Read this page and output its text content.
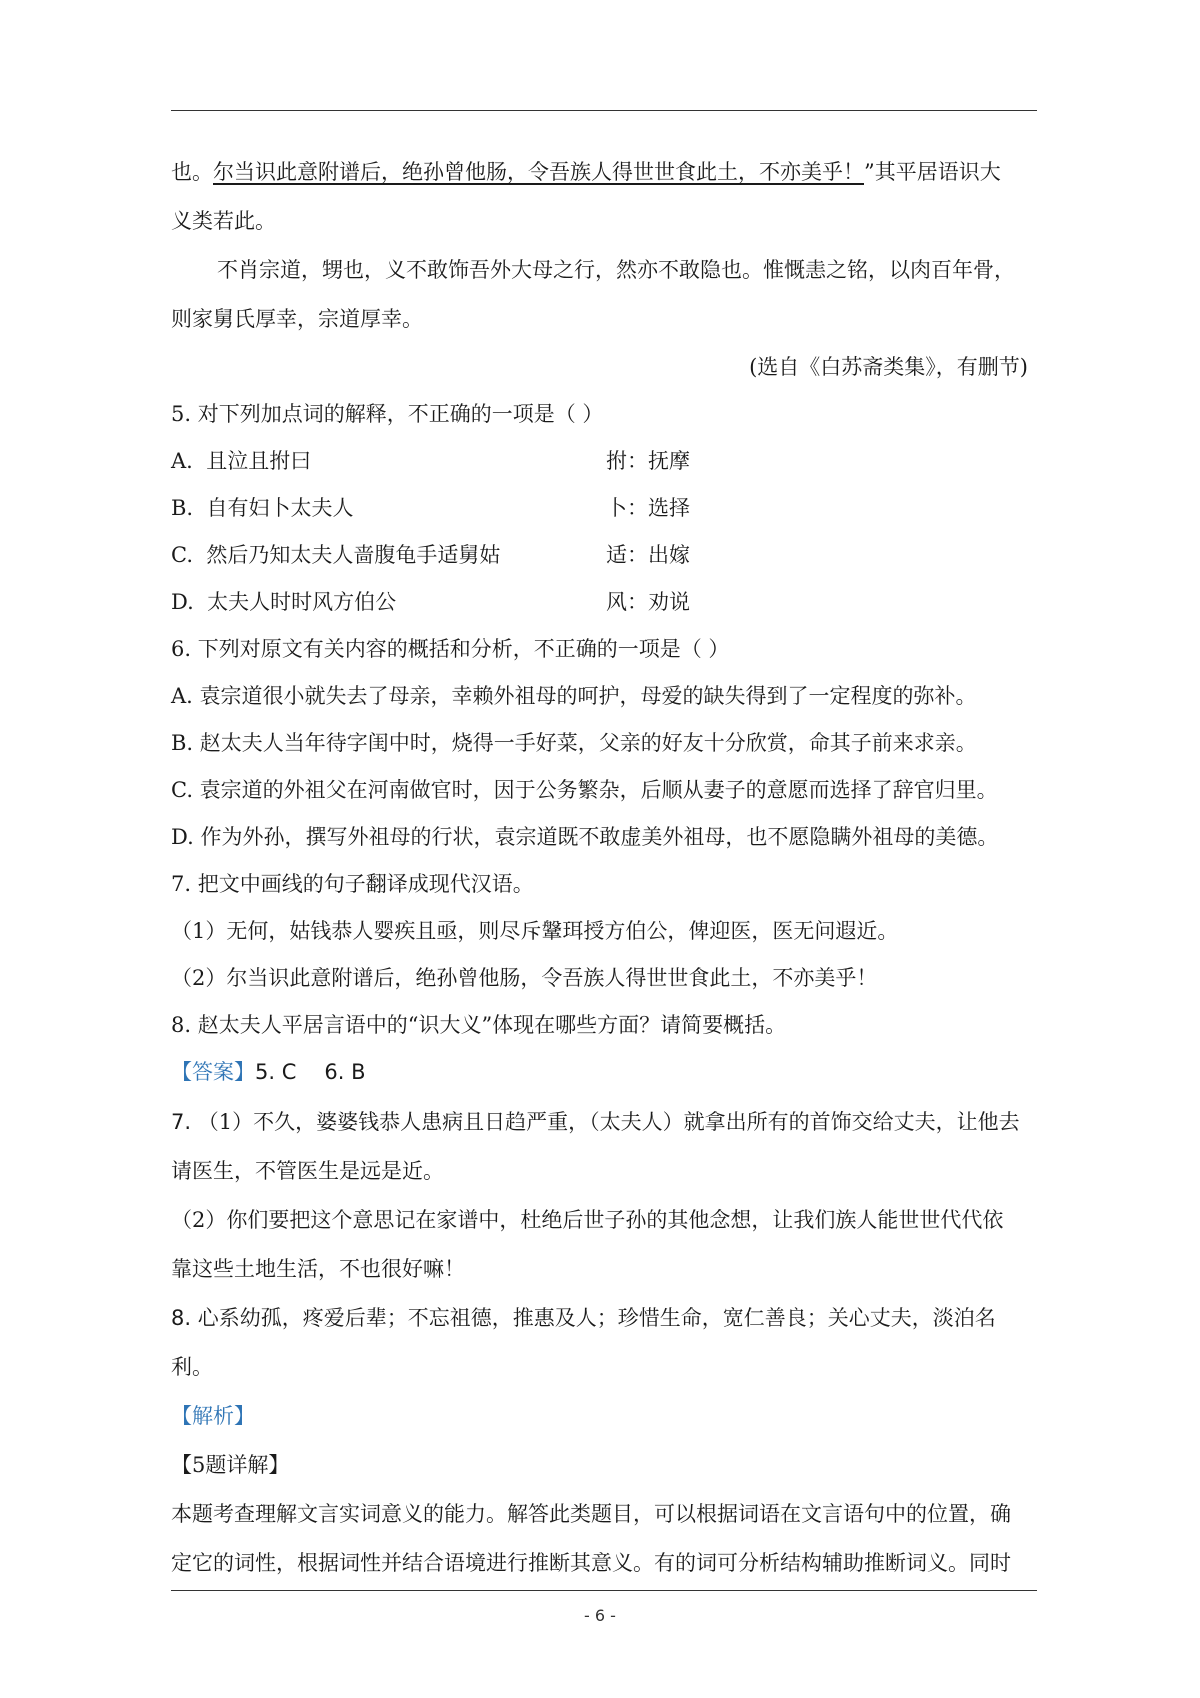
也。尔当识此意附谱后，绝孙曾他肠，令吾族人得世世食此土，不亦美乎！”其平居语识大
义类若此。
不肖宗道，甥也，义不敢饰吾外大母之行，然亦不敢隐也。惟慨恚之铭，以肉百年骨，
则家舅氏厚幸，宗道厚幸。
(选自《白苏斋类集》，有删节)
5. 对下列加点词的解释，不正确的一项是（ ）
A. 且泣且拊曰	拊：抚摩
B. 自有妇卜太夫人	卜：选择
C. 然后乃知太夫人啬腹龟手适舅姑	适：出嫁
D. 太夫人时时风方伯公	风：劝说
6. 下列对原文有关内容的概括和分析，不正确的一项是（ ）
A. 袁宗道很小就失去了母亲，幸赖外祖母的呵护，母爱的缺失得到了一定程度的弥补。
B. 赵太夫人当年待字闺中时，烧得一手好菜，父亲的好友十分欣赏，命其子前来求亲。
C. 袁宗道的外祖父在河南做官时，因于公务繁杂，后顺从妻子的意愿而选择了辞官归里。
D. 作为外孙，撰写外祖母的行状，袁宗道既不敢虚美外祖母，也不愿隐瞒外祖母的美德。
7. 把文中画线的句子翻译成现代汉语。
（1）无何，姑钱恭人婴疾且亟，则尽斥鞶珥授方伯公，俾迎医，医无问遐近。
（2）尔当识此意附谱后，绝孙曾他肠，令吾族人得世世食此土，不亦美乎！
8. 赵太夫人平居言语中的“识大义”体现在哪些方面？请简要概括。
【答案】5. C 6. B
7. （1）不久，婆婆钱恭人患病且日趋严重，（太夫人）就拿出所有的首饰交给丈夫，让他去
请医生，不管医生是远是近。
（2）你们要把这个意思记在家谱中，杜绝后世子孙的其他念想，让我们族人能世世代代依
靠这些土地生活，不也很好嘛！
8. 心系幼孤，疼爱后辈；不忘祖德，推惠及人；珍惜生命，宽仁善良；关心丈夫，淡泊名
利。
【解析】
【5题详解】
本题考查理解文言实词意义的能力。解答此类题目，可以根据词语在文言语句中的位置，确
定它的词性，根据词性并结合语境进行推断其意义。有的词可分析结构辅助推断词义。同时
- 6 -
